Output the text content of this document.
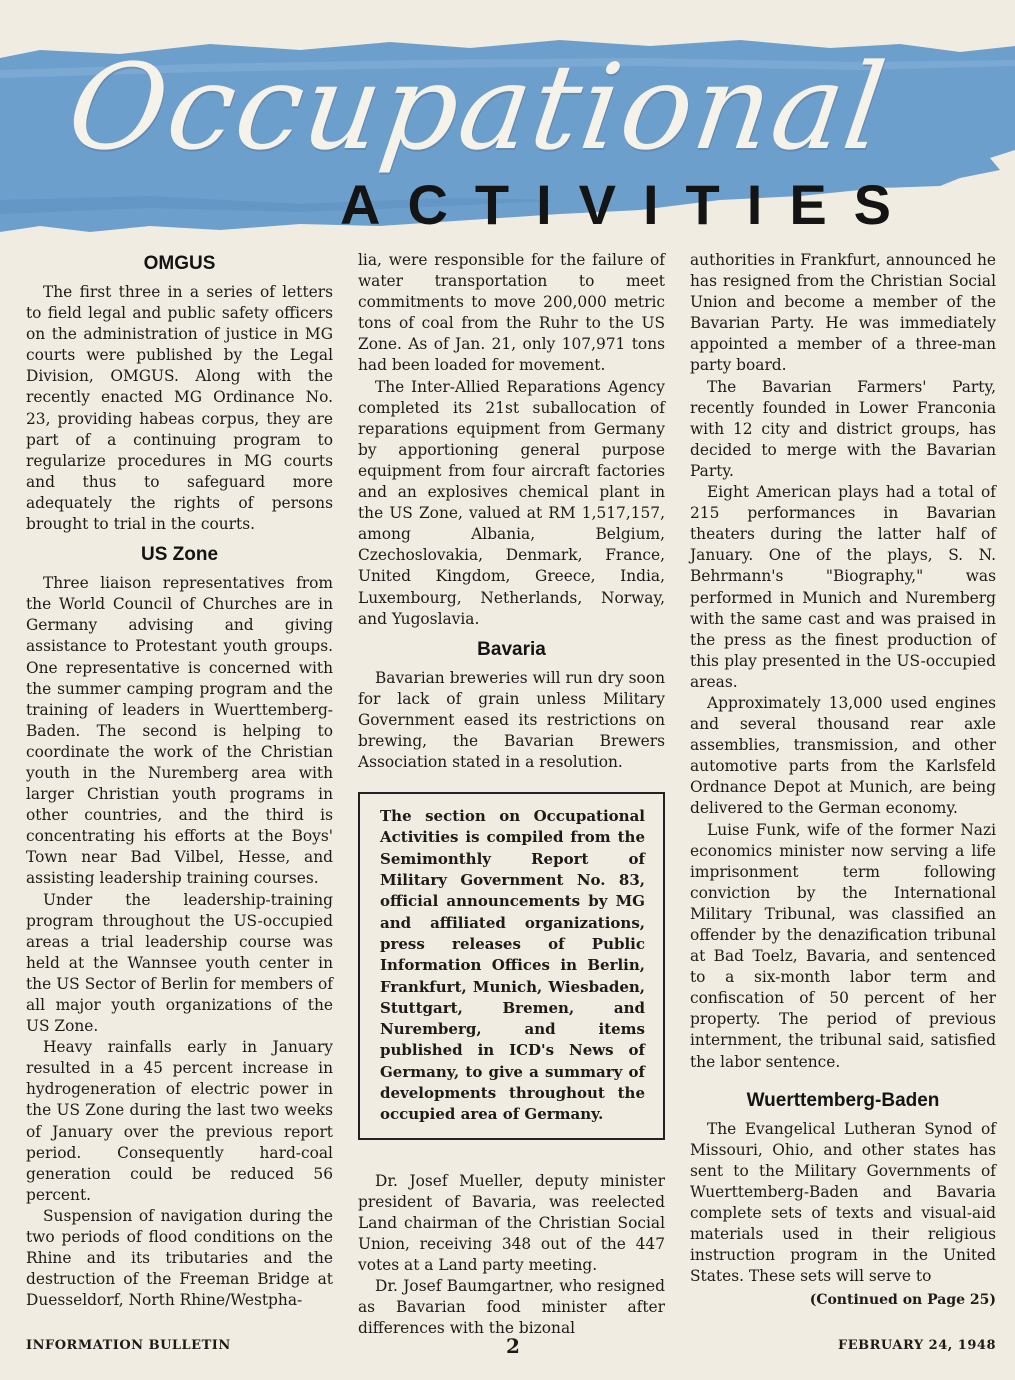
Occupational
ACTIVITIES
OMGUS

The first three in a series of letters to field legal and public safety officers on the administration of justice in MG courts were published by the Legal Division, OMGUS. Along with the recently enacted MG Ordinance No. 23, providing habeas corpus, they are part of a continuing program to regularize procedures in MG courts and thus to safeguard more adequately the rights of persons brought to trial in the courts.

US Zone

Three liaison representatives from the World Council of Churches are in Germany advising and giving assistance to Protestant youth groups. One representative is concerned with the summer camping program and the training of leaders in Wuerttemberg-Baden. The second is helping to coordinate the work of the Christian youth in the Nuremberg area with larger Christian youth programs in other countries, and the third is concentrating his efforts at the Boys' Town near Bad Vilbel, Hesse, and assisting leadership training courses.

Under the leadership-training program throughout the US-occupied areas a trial leadership course was held at the Wannsee youth center in the US Sector of Berlin for members of all major youth organizations of the US Zone.

Heavy rainfalls early in January resulted in a 45 percent increase in hydrogeneration of electric power in the US Zone during the last two weeks of January over the previous report period. Consequently hard-coal generation could be reduced 56 percent.

Suspension of navigation during the two periods of flood conditions on the Rhine and its tributaries and the destruction of the Freeman Bridge at Duesseldorf, North Rhine/Westpha-

lia, were responsible for the failure of water transportation to meet commitments to move 200,000 metric tons of coal from the Ruhr to the US Zone. As of Jan. 21, only 107,971 tons had been loaded for movement.

The Inter-Allied Reparations Agency completed its 21st suballocation of reparations equipment from Germany by apportioning general purpose equipment from four aircraft factories and an explosives chemical plant in the US Zone, valued at RM 1,517,157, among Albania, Belgium, Czechoslovakia, Denmark, France, United Kingdom, Greece, India, Luxembourg, Netherlands, Norway, and Yugoslavia.

Bavaria

Bavarian breweries will run dry soon for lack of grain unless Military Government eased its restrictions on brewing, the Bavarian Brewers Association stated in a resolution.

The section on Occupational Activities is compiled from the Semimonthly Report of Military Government No. 83, official announcements by MG and affiliated organizations, press releases of Public Information Offices in Berlin, Frankfurt, Munich, Wiesbaden, Stuttgart, Bremen, and Nuremberg, and items published in ICD's News of Germany, to give a summary of developments throughout the occupied area of Germany.

Dr. Josef Mueller, deputy minister president of Bavaria, was reelected Land chairman of the Christian Social Union, receiving 348 out of the 447 votes at a Land party meeting.

Dr. Josef Baumgartner, who resigned as Bavarian food minister after differences with the bizonal

authorities in Frankfurt, announced he has resigned from the Christian Social Union and become a member of the Bavarian Party. He was immediately appointed a member of a three-man party board.

The Bavarian Farmers' Party, recently founded in Lower Franconia with 12 city and district groups, has decided to merge with the Bavarian Party.

Eight American plays had a total of 215 performances in Bavarian theaters during the latter half of January. One of the plays, S. N. Behrmann's "Biography," was performed in Munich and Nuremberg with the same cast and was praised in the press as the finest production of this play presented in the US-occupied areas.

Approximately 13,000 used engines and several thousand rear axle assemblies, transmission, and other automotive parts from the Karlsfeld Ordnance Depot at Munich, are being delivered to the German economy.

Luise Funk, wife of the former Nazi economics minister now serving a life imprisonment term following conviction by the International Military Tribunal, was classified an offender by the denazification tribunal at Bad Toelz, Bavaria, and sentenced to a six-month labor term and confiscation of 50 percent of her property. The period of previous internment, the tribunal said, satisfied the labor sentence.

Wuerttemberg-Baden

The Evangelical Lutheran Synod of Missouri, Ohio, and other states has sent to the Military Governments of Wuerttemberg-Baden and Bavaria complete sets of texts and visual-aid materials used in their religious instruction program in the United States. These sets will serve to

(Continued on Page 25)
INFORMATION BULLETIN	2	FEBRUARY 24, 1948
